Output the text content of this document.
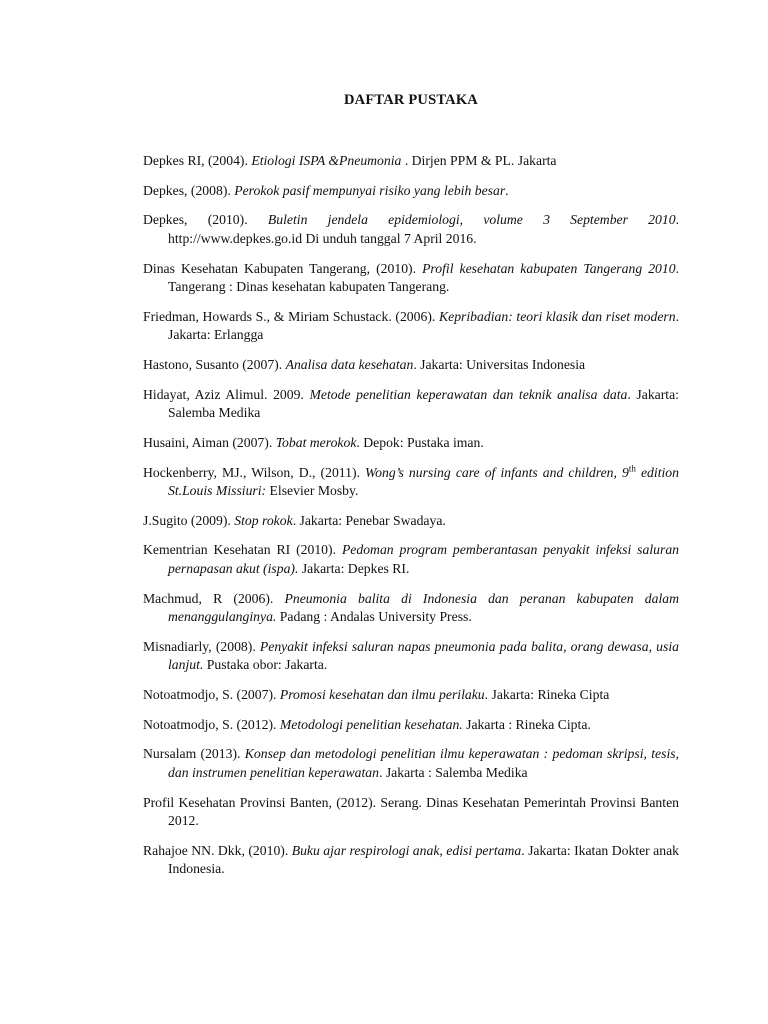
DAFTAR PUSTAKA

Depkes RI, (2004). Etiologi ISPA &Pneumonia . Dirjen PPM & PL. Jakarta

Depkes, (2008). Perokok pasif mempunyai risiko yang lebih besar.

Depkes, (2010). Buletin jendela epidemiologi, volume 3 September 2010. http://www.depkes.go.id Di unduh tanggal 7 April 2016.

Dinas Kesehatan Kabupaten Tangerang, (2010). Profil kesehatan kabupaten Tangerang 2010. Tangerang : Dinas kesehatan kabupaten Tangerang.

Friedman, Howards S., & Miriam Schustack. (2006). Kepribadian: teori klasik dan riset modern. Jakarta: Erlangga

Hastono, Susanto (2007). Analisa data kesehatan. Jakarta: Universitas Indonesia

Hidayat, Aziz Alimul. 2009. Metode penelitian keperawatan dan teknik analisa data. Jakarta: Salemba Medika

Husaini, Aiman (2007). Tobat merokok. Depok: Pustaka iman.

Hockenberry, MJ., Wilson, D., (2011). Wong’s nursing care of infants and children, 9th edition St.Louis Missiuri: Elsevier Mosby.

J.Sugito (2009). Stop rokok. Jakarta: Penebar Swadaya.

Kementrian Kesehatan RI (2010). Pedoman program pemberantasan penyakit infeksi saluran pernapasan akut (ispa). Jakarta: Depkes RI.

Machmud, R (2006). Pneumonia balita di Indonesia dan peranan kabupaten dalam menanggulanginya. Padang : Andalas University Press.

Misnadiarly, (2008). Penyakit infeksi saluran napas pneumonia pada balita, orang dewasa, usia lanjut. Pustaka obor: Jakarta.

Notoatmodjo, S. (2007). Promosi kesehatan dan ilmu perilaku. Jakarta: Rineka Cipta

Notoatmodjo, S. (2012). Metodologi penelitian kesehatan. Jakarta : Rineka Cipta.

Nursalam (2013). Konsep dan metodologi penelitian ilmu keperawatan : pedoman skripsi, tesis, dan instrumen penelitian keperawatan. Jakarta : Salemba Medika

Profil Kesehatan Provinsi Banten, (2012). Serang. Dinas Kesehatan Pemerintah Provinsi Banten 2012.

Rahajoe NN. Dkk, (2010). Buku ajar respirologi anak, edisi pertama. Jakarta: Ikatan Dokter anak Indonesia.
